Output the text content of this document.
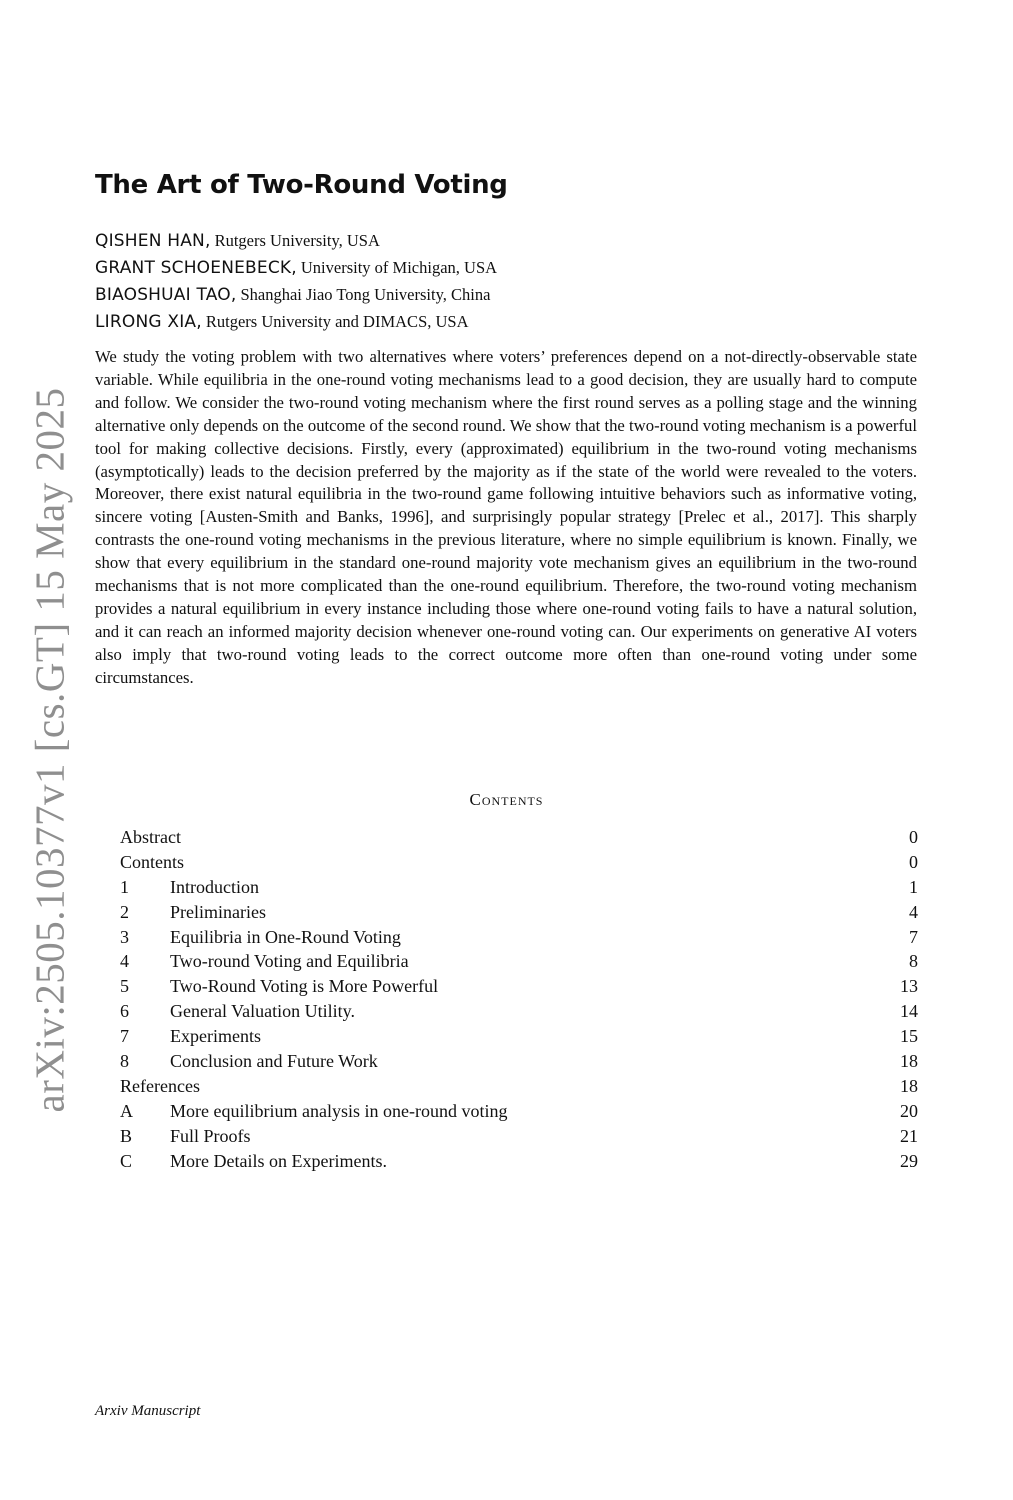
arXiv:2505.10377v1 [cs.GT] 15 May 2025
The Art of Two-Round Voting
QISHEN HAN, Rutgers University, USA
GRANT SCHOENEBECK, University of Michigan, USA
BIAOSHUAI TAO, Shanghai Jiao Tong University, China
LIRONG XIA, Rutgers University and DIMACS, USA

We study the voting problem with two alternatives where voters’ preferences depend on a not-directly-observable state variable. While equilibria in the one-round voting mechanisms lead to a good decision, they are usually hard to compute and follow. We consider the two-round voting mechanism where the first round serves as a polling stage and the winning alternative only depends on the outcome of the second round. We show that the two-round voting mechanism is a powerful tool for making collective decisions. Firstly, every (approximated) equilibrium in the two-round voting mechanisms (asymptotically) leads to the decision preferred by the majority as if the state of the world were revealed to the voters. Moreover, there exist natural equilibria in the two-round game following intuitive behaviors such as informative voting, sincere voting [Austen-Smith and Banks, 1996], and surprisingly popular strategy [Prelec et al., 2017]. This sharply contrasts the one-round voting mechanisms in the previous literature, where no simple equilibrium is known. Finally, we show that every equilibrium in the standard one-round majority vote mechanism gives an equilibrium in the two-round mechanisms that is not more complicated than the one-round equilibrium. Therefore, the two-round voting mechanism provides a natural equilibrium in every instance including those where one-round voting fails to have a natural solution, and it can reach an informed majority decision whenever one-round voting can. Our experiments on generative AI voters also imply that two-round voting leads to the correct outcome more often than one-round voting under some circumstances.

Contents
Abstract	0
Contents	0
1 Introduction	1
2 Preliminaries	4
3 Equilibria in One-Round Voting	7
4 Two-round Voting and Equilibria	8
5 Two-Round Voting is More Powerful	13
6 General Valuation Utility.	14
7 Experiments	15
8 Conclusion and Future Work	18
References	18
A More equilibrium analysis in one-round voting	20
B Full Proofs	21
C More Details on Experiments.	29
Arxiv Manuscript
